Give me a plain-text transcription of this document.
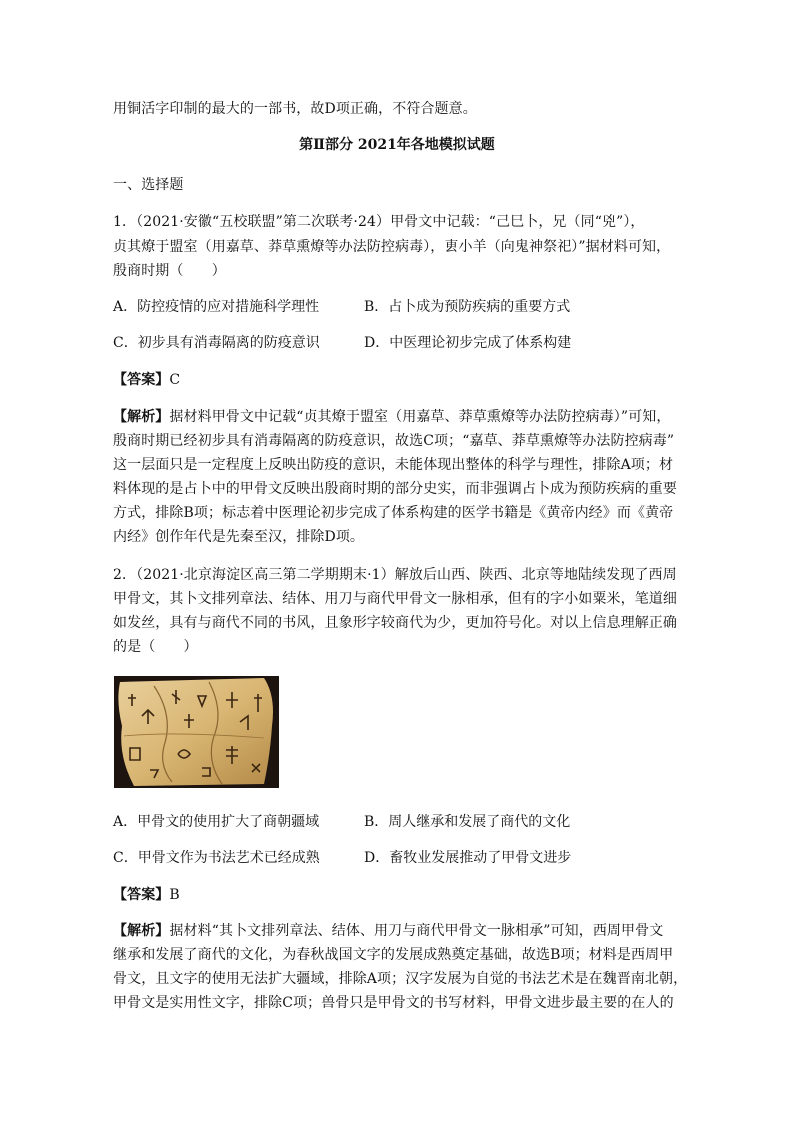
用铜活字印制的最大的一部书，故D项正确，不符合题意。
第Ⅱ部分 2021年各地模拟试题
一、选择题
1．（2021·安徽“五校联盟”第二次联考·24）甲骨文中记载：“己巳卜，兄（同“兇”），
贞其燎于盟室（用嘉草、莽草熏燎等办法防控病毒），叀小羊（向鬼神祭祀）”据材料可知，
殷商时期（　　）
A．防控疫情的应对措施科学理性	B．占卜成为预防疾病的重要方式
C．初步具有消毒隔离的防疫意识	D．中医理论初步完成了体系构建
【答案】C
【解析】据材料甲骨文中记载“贞其燎于盟室（用嘉草、莽草熏燎等办法防控病毒）”可知，
殷商时期已经初步具有消毒隔离的防疫意识，故选C项；“嘉草、莽草熏燎等办法防控病毒”
这一层面只是一定程度上反映出防疫的意识，未能体现出整体的科学与理性，排除A项；材
料体现的是占卜中的甲骨文反映出殷商时期的部分史实，而非强调占卜成为预防疾病的重要
方式，排除B项；标志着中医理论初步完成了体系构建的医学书籍是《黄帝内经》而《黄帝
内经》创作年代是先秦至汉，排除D项。
2．（2021·北京海淀区高三第二学期期末·1）解放后山西、陕西、北京等地陆续发现了西周
甲骨文，其卜文排列章法、结体、用刀与商代甲骨文一脉相承，但有的字小如粟米，笔道细
如发丝，具有与商代不同的书风，且象形字较商代为少，更加符号化。对以上信息理解正确
的是（　　）
A．甲骨文的使用扩大了商朝疆域	B．周人继承和发展了商代的文化
C．甲骨文作为书法艺术已经成熟	D．畜牧业发展推动了甲骨文进步
【答案】B
【解析】据材料“其卜文排列章法、结体、用刀与商代甲骨文一脉相承”可知，西周甲骨文
继承和发展了商代的文化，为春秋战国文字的发展成熟奠定基础，故选B项；材料是西周甲
骨文，且文字的使用无法扩大疆域，排除A项；汉字发展为自觉的书法艺术是在魏晋南北朝，
甲骨文是实用性文字，排除C项；兽骨只是甲骨文的书写材料，甲骨文进步最主要的在人的
